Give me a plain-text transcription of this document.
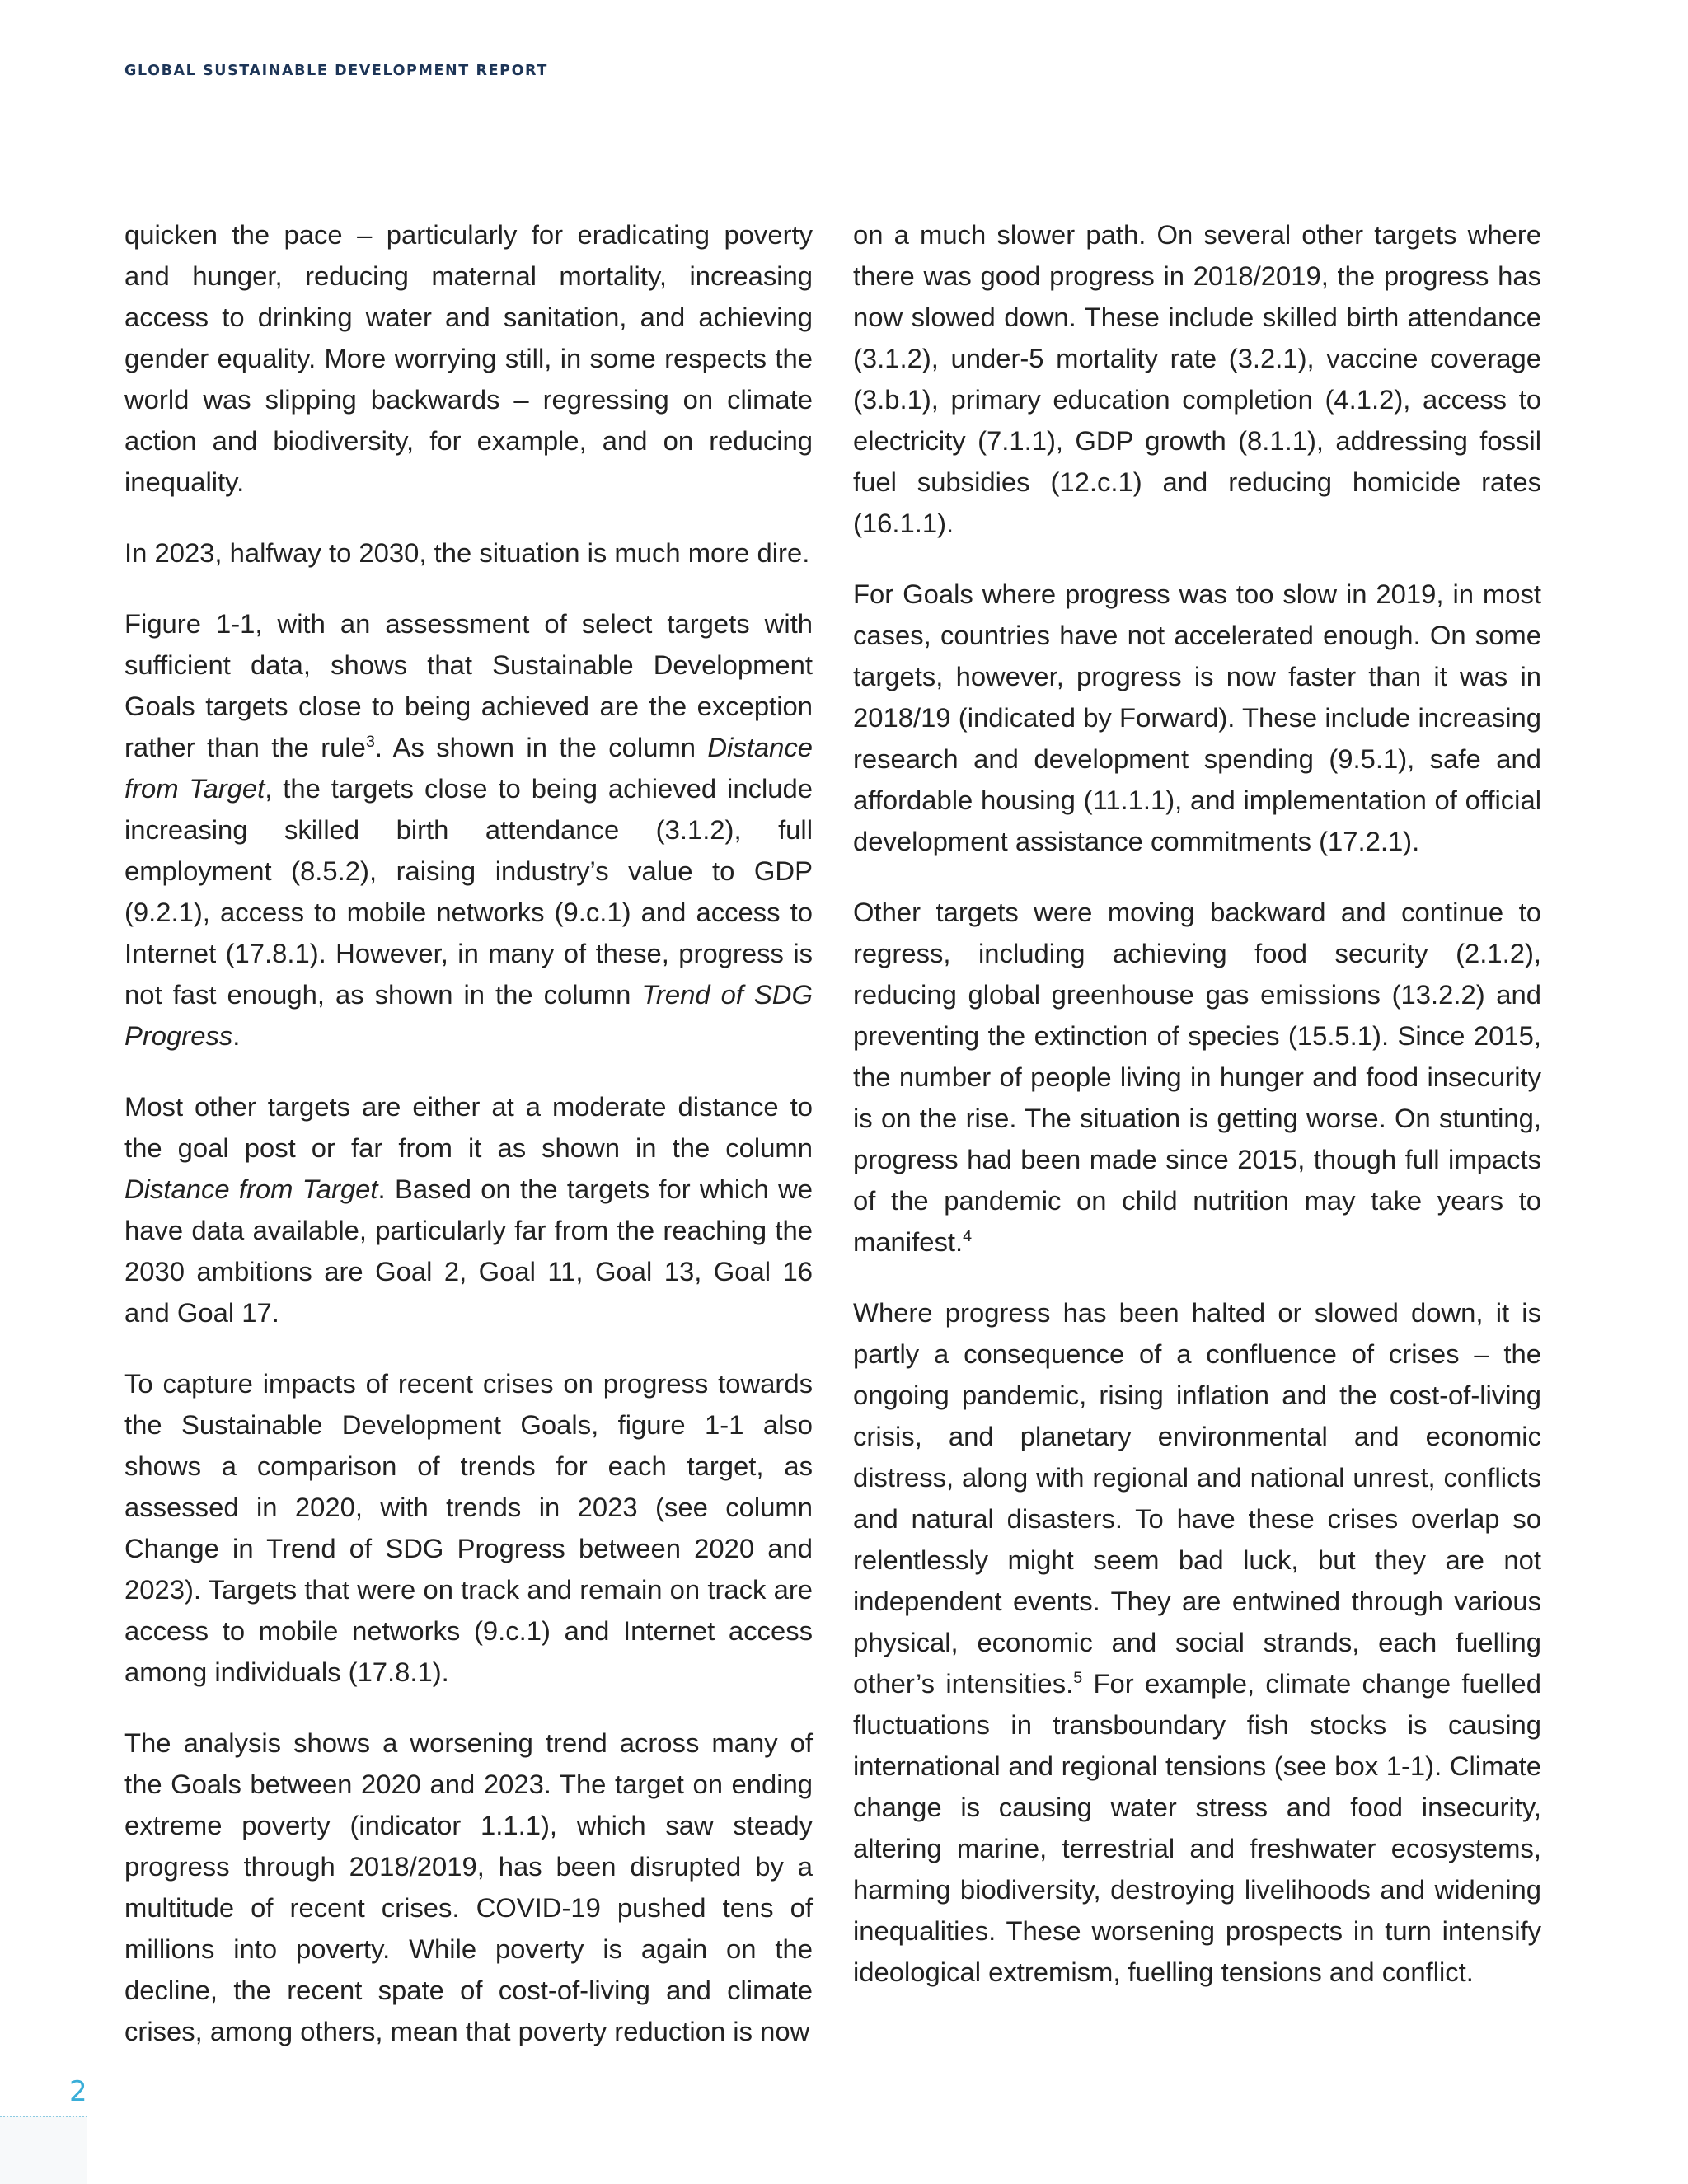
GLOBAL SUSTAINABLE DEVELOPMENT REPORT

quicken the pace – particularly for eradicating poverty and hunger, reducing maternal mortality, increasing access to drinking water and sanitation, and achieving gender equality. More worrying still, in some respects the world was slipping backwards – regressing on climate action and biodiversity, for example, and on reducing inequality.

In 2023, halfway to 2030, the situation is much more dire.

Figure 1-1, with an assessment of select targets with sufficient data, shows that Sustainable Development Goals targets close to being achieved are the exception rather than the rule$^3$. As shown in the column Distance from Target, the targets close to being achieved include increasing skilled birth attendance (3.1.2), full employment (8.5.2), raising industry’s value to GDP (9.2.1), access to mobile networks (9.c.1) and access to Internet (17.8.1). However, in many of these, progress is not fast enough, as shown in the column Trend of SDG Progress.

Most other targets are either at a moderate distance to the goal post or far from it as shown in the column Distance from Target. Based on the targets for which we have data available, particularly far from the reaching the 2030 ambitions are Goal 2, Goal 11, Goal 13, Goal 16 and Goal 17.

To capture impacts of recent crises on progress towards the Sustainable Development Goals, figure 1-1 also shows a comparison of trends for each target, as assessed in 2020, with trends in 2023 (see column Change in Trend of SDG Progress between 2020 and 2023). Targets that were on track and remain on track are access to mobile networks (9.c.1) and Internet access among individuals (17.8.1).

The analysis shows a worsening trend across many of the Goals between 2020 and 2023. The target on ending extreme poverty (indicator 1.1.1), which saw steady progress through 2018/2019, has been disrupted by a multitude of recent crises. COVID-19 pushed tens of millions into poverty. While poverty is again on the decline, the recent spate of cost-of-living and climate crises, among others, mean that poverty reduction is now

on a much slower path. On several other targets where there was good progress in 2018/2019, the progress has now slowed down. These include skilled birth attendance (3.1.2), under-5 mortality rate (3.2.1), vaccine coverage (3.b.1), primary education completion (4.1.2), access to electricity (7.1.1), GDP growth (8.1.1), addressing fossil fuel subsidies (12.c.1) and reducing homicide rates (16.1.1).

For Goals where progress was too slow in 2019, in most cases, countries have not accelerated enough. On some targets, however, progress is now faster than it was in 2018/19 (indicated by Forward). These include increasing research and development spending (9.5.1), safe and affordable housing (11.1.1), and implementation of official development assistance commitments (17.2.1).

Other targets were moving backward and continue to regress, including achieving food security (2.1.2), reducing global greenhouse gas emissions (13.2.2) and preventing the extinction of species (15.5.1). Since 2015, the number of people living in hunger and food insecurity is on the rise. The situation is getting worse. On stunting, progress had been made since 2015, though full impacts of the pandemic on child nutrition may take years to manifest.$^4$

Where progress has been halted or slowed down, it is partly a consequence of a confluence of crises – the ongoing pandemic, rising inflation and the cost-of-living crisis, and planetary environmental and economic distress, along with regional and national unrest, conflicts and natural disasters. To have these crises overlap so relentlessly might seem bad luck, but they are not independent events. They are entwined through various physical, economic and social strands, each fuelling other’s intensities.$^5$ For example, climate change fuelled fluctuations in transboundary fish stocks is causing international and regional tensions (see box 1-1). Climate change is causing water stress and food insecurity, altering marine, terrestrial and freshwater ecosystems, harming biodiversity, destroying livelihoods and widening inequalities. These worsening prospects in turn intensify ideological extremism, fuelling tensions and conflict.

2
